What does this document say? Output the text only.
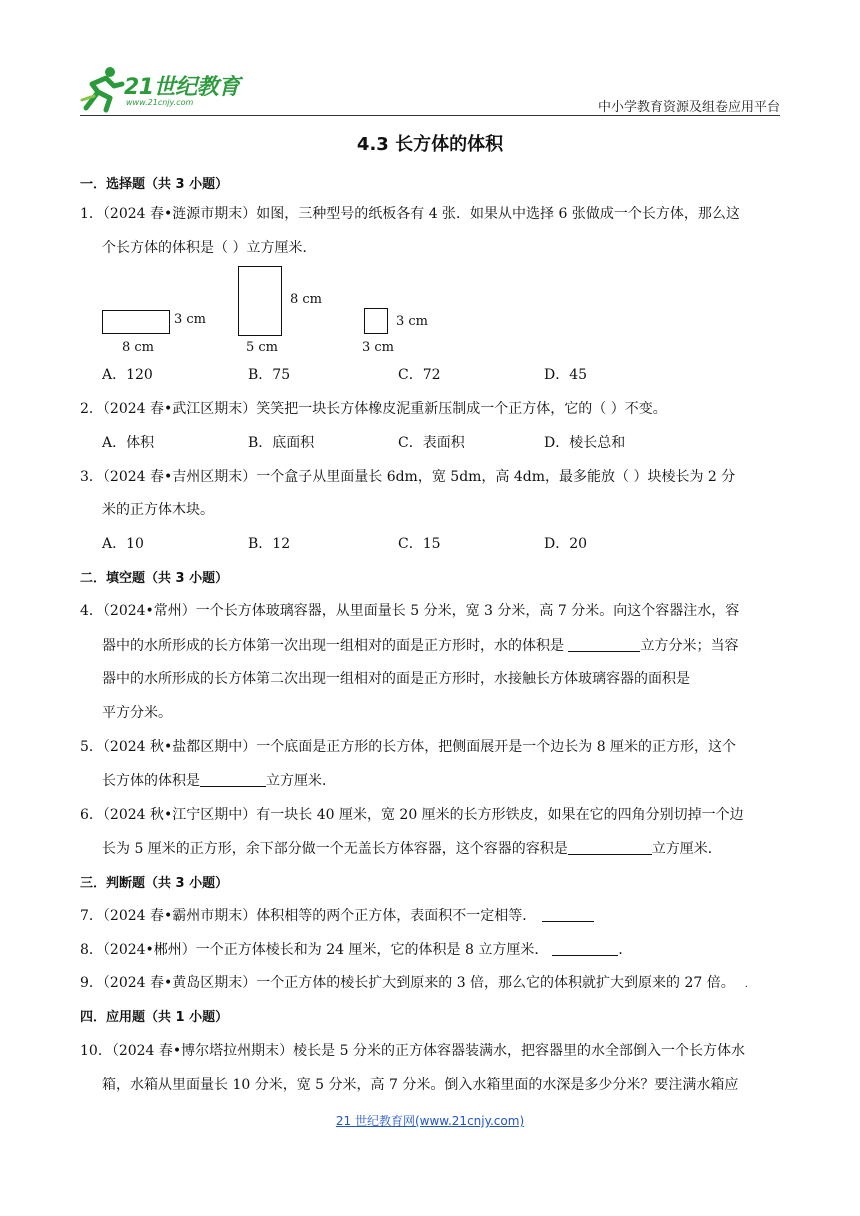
21世纪教育
www.21cnjy.com	中小学教育资源及组卷应用平台
4.3 长方体的体积
一．选择题（共 3 小题）
1．（2024 春•涟源市期末）如图，三种型号的纸板各有 4 张．如果从中选择 6 张做成一个长方体，那么这
个长方体的体积是（ ）立方厘米．
3 cm
8 cm
8 cm
5 cm
3 cm
3 cm
A．120	B．75	C．72	D．45
2．（2024 春•武江区期末）笑笑把一块长方体橡皮泥重新压制成一个正方体，它的（ ）不变。
A．体积	B．底面积	C．表面积	D．棱长总和
3．（2024 春•吉州区期末）一个盒子从里面量长 6dm，宽 5dm，高 4dm，最多能放（ ）块棱长为 2 分
米的正方体木块。
A．10	B．12	C．15	D．20
二．填空题（共 3 小题）
4．（2024•常州）一个长方体玻璃容器，从里面量长 5 分米，宽 3 分米，高 7 分米。向这个容器注水，容
器中的水所形成的长方体第一次出现一组相对的面是正方形时，水的体积是	立方分米；当容
器中的水所形成的长方体第二次出现一组相对的面是正方形时，水接触长方体玻璃容器的面积是
平方分米。
5．（2024 秋•盐都区期中）一个底面是正方形的长方体，把侧面展开是一个边长为 8 厘米的正方形，这个
长方体的体积是	立方厘米．
6．（2024 秋•江宁区期中）有一块长 40 厘米，宽 20 厘米的长方形铁皮，如果在它的四角分别切掉一个边
长为 5 厘米的正方形，余下部分做一个无盖长方体容器，这个容器的容积是	立方厘米．
三．判断题（共 3 小题）
7．（2024 春•霸州市期末）体积相等的两个正方体，表面积不一定相等．
8．（2024•郴州）一个正方体棱长和为 24 厘米，它的体积是 8 立方厘米．	．
9．（2024 春•黄岛区期末）一个正方体的棱长扩大到原来的 3 倍，那么它的体积就扩大到原来的 27 倍。 .
四．应用题（共 1 小题）
10．（2024 春•博尔塔拉州期末）棱长是 5 分米的正方体容器装满水，把容器里的水全部倒入一个长方体水
箱，水箱从里面量长 10 分米，宽 5 分米，高 7 分米。倒入水箱里面的水深是多少分米？要注满水箱应
21 世纪教育网(www.21cnjy.com)
